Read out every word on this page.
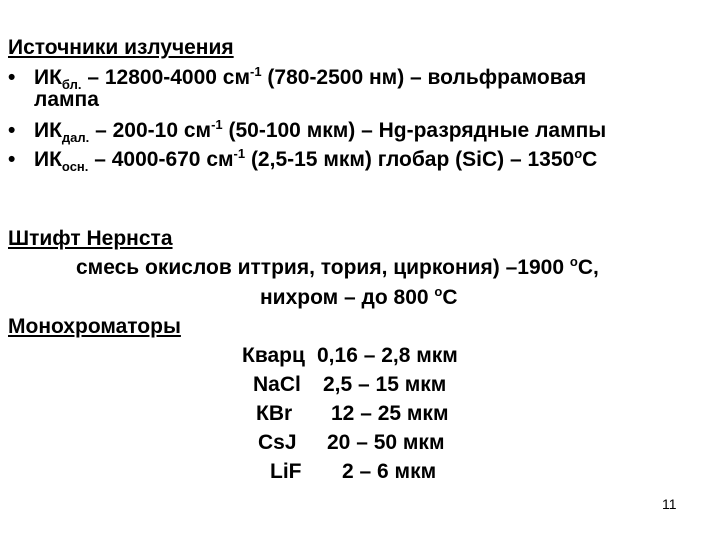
Источники излучения
• $ИК_{бл.} - 12800-4000$ $см^{-1}$ (780-2500 нм) – вольфрамовая
лампа
• $ИК_{дал.} - 200-10$ $см^{-1}$ (50-100 мкм) – Hg-разрядные лампы
• $ИК_{осн.} - 4000-670$ $см^{-1}$ (2,5-15 мкм) глобар $(SiC) - 1350^оС$
Штифт Нернста
смесь окислов иттрия, тория, циркония) –1900 $^о$С,
нихром – до 800 $^о$С
Монохроматоры
Кварц 0,16 – 2,8 мкм
NaCl 2,5 – 15 мкм
КBr 12 – 25 мкм
CsJ 20 – 50 мкм
LiF 2 – 6 мкм
11
